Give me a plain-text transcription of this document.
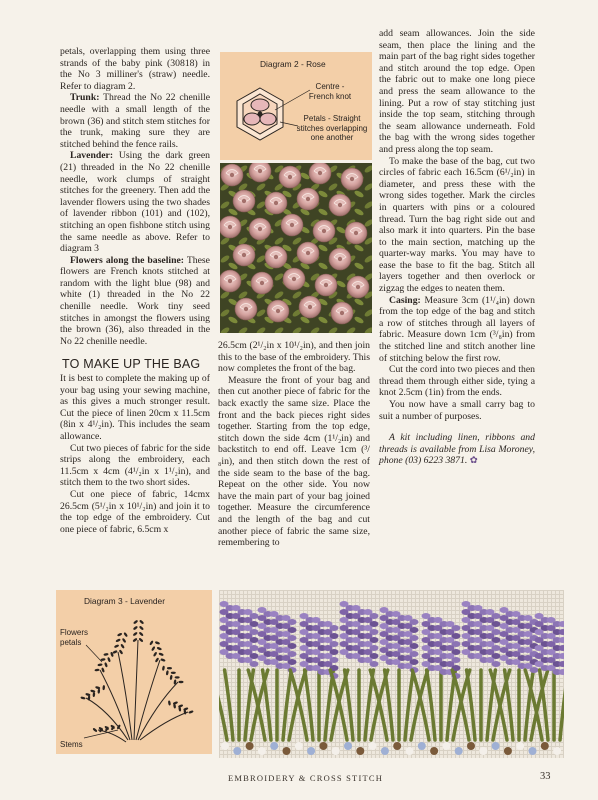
petals, overlapping them using three strands of the baby pink (30818) in the No 3 milliner's (straw) needle. Refer to diagram 2.

Trunk: Thread the No 22 chenille needle with a small length of the brown (36) and stitch stem stitches for the trunk, making sure they are stitched behind the fence rails.

Lavender: Using the dark green (21) threaded in the No 22 chenille needle, work clumps of straight stitches for the greenery. Then add the lavender flowers using the two shades of lavender ribbon (101) and (102), stitching an open fishbone stitch using the same needle as above. Refer to diagram 3

Flowers along the baseline: These flowers are French knots stitched at random with the light blue (98) and white (1) threaded in the No 22 chenille needle. Work tiny seed stitches in amongst the flowers using the brown (36), also threaded in the No 22 chenille needle.

TO MAKE UP THE BAG

It is best to complete the making up of your bag using your sewing machine, as this gives a much stronger result. Cut the piece of linen 20cm x 11.5cm (8in x 4¹/₂in). This includes the seam allowance.

Cut two pieces of fabric for the side strips along the embroidery, each 11.5cm x 4cm (4¹/₂in x 1¹/₂in), and stitch them to the two short sides.

Cut one piece of fabric, 14cmx 26.5cm (5¹/₂in x 10¹/₂in) and join it to the top edge of the embroidery. Cut one piece of fabric, 6.5cm x

Diagram 2 - Rose
Centre -
French knot
Petals - Straight
stitches overlapping
one another

26.5cm (2¹/₂in x 10¹/₂in), and then join this to the base of the embroidery. This now completes the front of the bag.

Measure the front of your bag and then cut another piece of fabric for the back exactly the same size. Place the front and the back pieces right sides together. Starting from the top edge, stitch down the side 4cm (1¹/₂in) and backstitch to end off. Leave 1cm (³/₈in), and then stitch down the rest of the side seam to the base of the bag. Repeat on the other side. You now have the main part of your bag joined together. Measure the circumference and the length of the bag and cut another piece of fabric the same size, remembering to

add seam allowances. Join the side seam, then place the lining and the main part of the bag right sides together and stitch around the top edge. Open the fabric out to make one long piece and press the seam allowance to the lining. Put a row of stay stitching just inside the top seam, stitching through the seam allowance underneath. Fold the bag with the wrong sides together and press along the top seam.

To make the base of the bag, cut two circles of fabric each 16.5cm (6¹/₂in) in diameter, and press these with the wrong sides together. Mark the circles in quarters with pins or a coloured thread. Turn the bag right side out and also mark it into quarters. Pin the base to the main section, matching up the quarter-way marks. You may have to ease the base to fit the bag. Stitch all layers together and then overlock or zigzag the edges to neaten them.

Casing: Measure 3cm (1¹/₄in) down from the top edge of the bag and stitch a row of stitches through all layers of fabric. Measure down 1cm (³/₈in) from the stitched line and stitch another line of stitching below the first row.

Cut the cord into two pieces and then thread them through either side, tying a knot 2.5cm (1in) from the ends.

You now have a small carry bag to suit a number of purposes.

A kit including linen, ribbons and threads is available from Lisa Moroney, phone (03) 6223 3871. ✿

Diagram 3 - Lavender
Flowers
petals
Stems
EMBROIDERY & CROSS STITCH	33
